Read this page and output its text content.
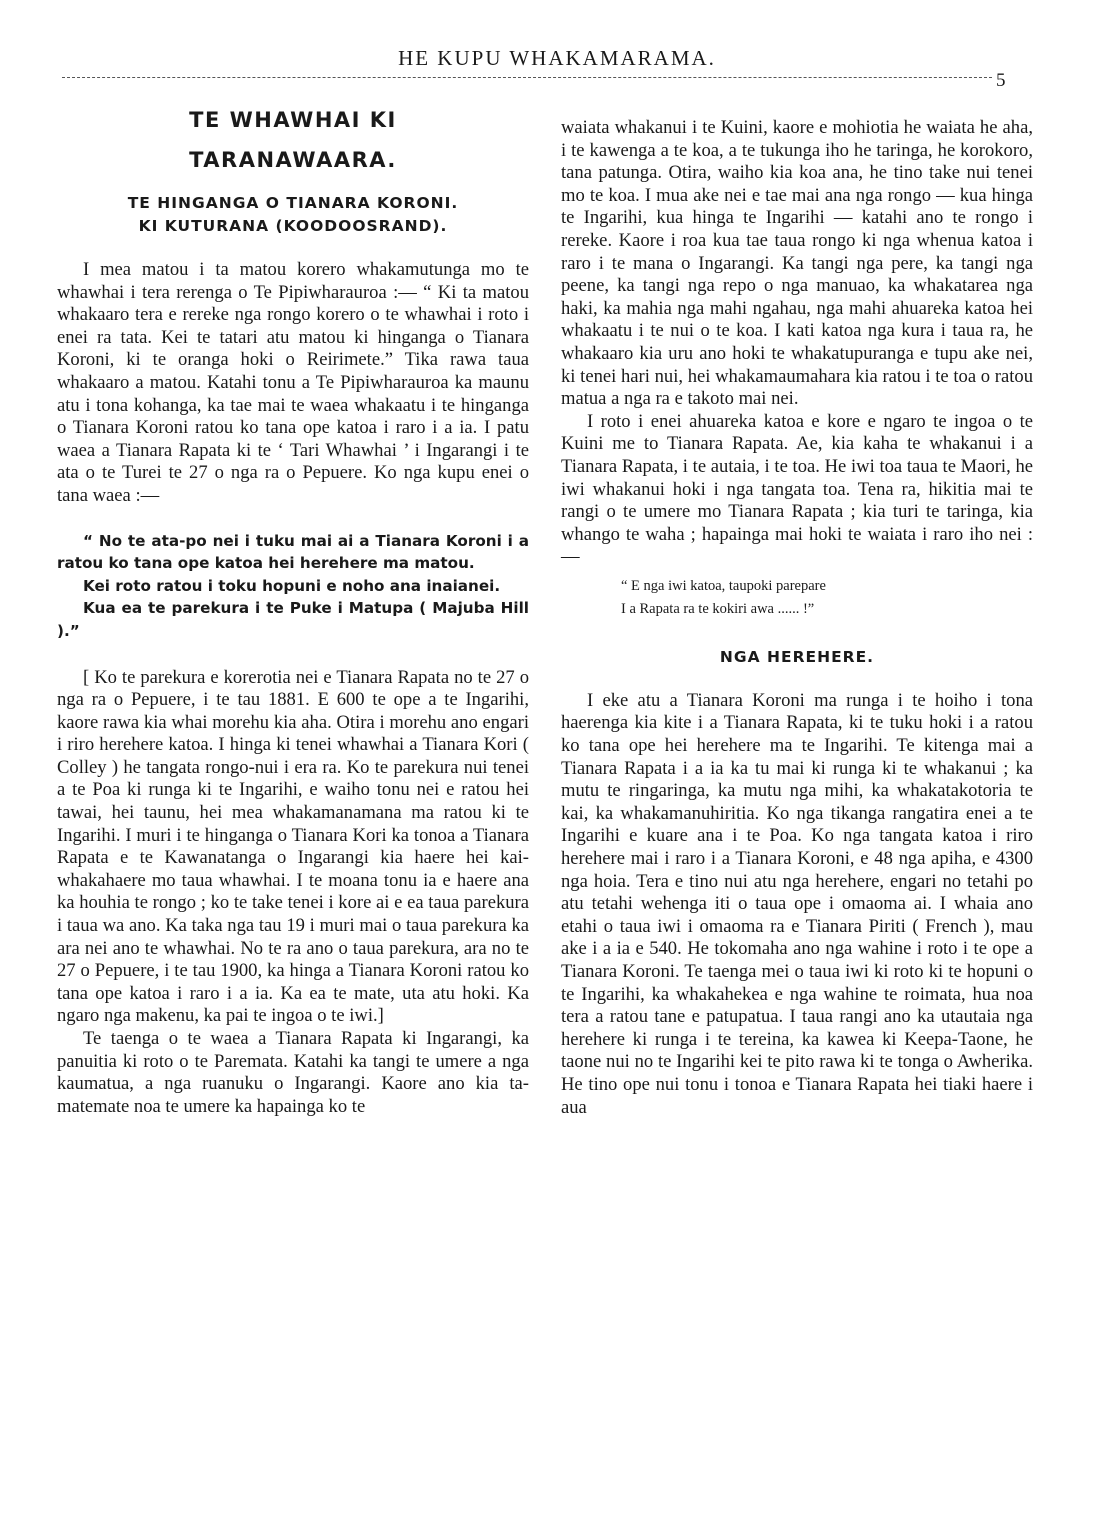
HE KUPU WHAKAMARAMA.
5
TE WHAWHAI KI
TARANAWAARA.
TE HINGANGA O TIANARA KORONI.
KI KUTURANA (KOODOOSRAND).

I mea matou i ta matou korero whakamutunga mo te whawhai i tera rerenga o Te Pipiwharauroa :— “ Ki ta matou whakaaro tera e rereke nga rongo korero o te whawhai i roto i enei ra tata. Kei te tatari atu matou ki hinganga o Tianara Koroni, ki te oranga hoki o Reirimete.” Tika rawa taua whakaaro a matou. Katahi tonu a Te Pipiwharauroa ka maunu atu i tona kohanga, ka tae mai te waea whakaatu i te hinganga o Tianara Koroni ratou ko tana ope katoa i raro i a ia. I patu waea a Tianara Rapata ki te ‘ Tari Whawhai ’ i Ingarangi i te ata o te Turei te 27 o nga ra o Pepuere. Ko nga kupu enei o tana waea :—

“ No te ata-po nei i tuku mai ai a Tianara Koroni i a ratou ko tana ope katoa hei herehere ma matou.

Kei roto ratou i toku hopuni e noho ana inaianei.

Kua ea te parekura i te Puke i Matupa ( Majuba Hill ).”

[ Ko te parekura e korerotia nei e Tianara Rapata no te 27 o nga ra o Pepuere, i te tau 1881. E 600 te ope a te Ingarihi, kaore rawa kia whai morehu kia aha. Otira i morehu ano engari i riro herehere katoa. I hinga ki tenei whawhai a Tianara Kori ( Colley ) he tangata rongo-nui i era ra. Ko te parekura nui tenei a te Poa ki runga ki te Ingarihi, e waiho tonu nei e ratou hei tawai, hei taunu, hei mea whakamanamana ma ratou ki te Ingarihi. I muri i te hinganga o Tianara Kori ka tonoa a Tianara Rapata e te Kawanatanga o Ingarangi kia haere hei kai-whakahaere mo taua whawhai. I te moana tonu ia e haere ana ka houhia te rongo ; ko te take tenei i kore ai e ea taua parekura i taua wa ano. Ka taka nga tau 19 i muri mai o taua parekura ka ara nei ano te whawhai. No te ra ano o taua parekura, ara no te 27 o Pepuere, i te tau 1900, ka hinga a Tianara Koroni ratou ko tana ope katoa i raro i a ia. Ka ea te mate, uta atu hoki. Ka ngaro nga makenu, ka pai te ingoa o te iwi.]

Te taenga o te waea a Tianara Rapata ki Ingarangi, ka panuitia ki roto o te Paremata. Katahi ka tangi te umere a nga kaumatua, a nga ruanuku o Ingarangi. Kaore ano kia ta-matemate noa te umere ka hapainga ko te

waiata whakanui i te Kuini, kaore e mohiotia he waiata he aha, i te kawenga a te koa, a te tukunga iho he taringa, he korokoro, tana patunga. Otira, waiho kia koa ana, he tino take nui tenei mo te koa. I mua ake nei e tae mai ana nga rongo — kua hinga te Ingarihi, kua hinga te Ingarihi — katahi ano te rongo i rereke. Kaore i roa kua tae taua rongo ki nga whenua katoa i raro i te mana o Ingarangi. Ka tangi nga pere, ka tangi nga peene, ka tangi nga repo o nga manuao, ka whakatarea nga haki, ka mahia nga mahi ngahau, nga mahi ahuareka katoa hei whakaatu i te nui o te koa. I kati katoa nga kura i taua ra, he whakaaro kia uru ano hoki te whakatupuranga e tupu ake nei, ki tenei hari nui, hei whakamaumahara kia ratou i te toa o ratou matua a nga ra e takoto mai nei.

I roto i enei ahuareka katoa e kore e ngaro te ingoa o te Kuini me to Tianara Rapata. Ae, kia kaha te whakanui i a Tianara Rapata, i te autaia, i te toa. He iwi toa taua te Maori, he iwi whakanui hoki i nga tangata toa. Tena ra, hikitia mai te rangi o te umere mo Tianara Rapata ; kia turi te taringa, kia whango te waha ; hapainga mai hoki te waiata i raro iho nei :—

“ E nga iwi katoa, taupoki parepare
I a Rapata ra te kokiri awa ...... !”
NGA HEREHERE.

I eke atu a Tianara Koroni ma runga i te hoiho i tona haerenga kia kite i a Tianara Rapata, ki te tuku hoki i a ratou ko tana ope hei herehere ma te Ingarihi. Te kitenga mai a Tianara Rapata i a ia ka tu mai ki runga ki te whakanui ; ka mutu te ringaringa, ka mutu nga mihi, ka whakatakotoria te kai, ka whakamanuhiritia. Ko nga tikanga rangatira enei a te Ingarihi e kuare ana i te Poa. Ko nga tangata katoa i riro herehere mai i raro i a Tianara Koroni, e 48 nga apiha, e 4300 nga hoia. Tera e tino nui atu nga herehere, engari no tetahi po atu tetahi wehenga iti o taua ope i omaoma ai. I whaia ano etahi o taua iwi i omaoma ra e Tianara Piriti ( French ), mau ake i a ia e 540. He tokomaha ano nga wahine i roto i te ope a Tianara Koroni. Te taenga mei o taua iwi ki roto ki te hopuni o te Ingarihi, ka whakahekea e nga wahine te roimata, hua noa tera a ratou tane e patupatua. I taua rangi ano ka utautaia nga herehere ki runga i te tereina, ka kawea ki Keepa-Taone, he taone nui no te Ingarihi kei te pito rawa ki te tonga o Awherika. He tino ope nui tonu i tonoa e Tianara Rapata hei tiaki haere i aua
